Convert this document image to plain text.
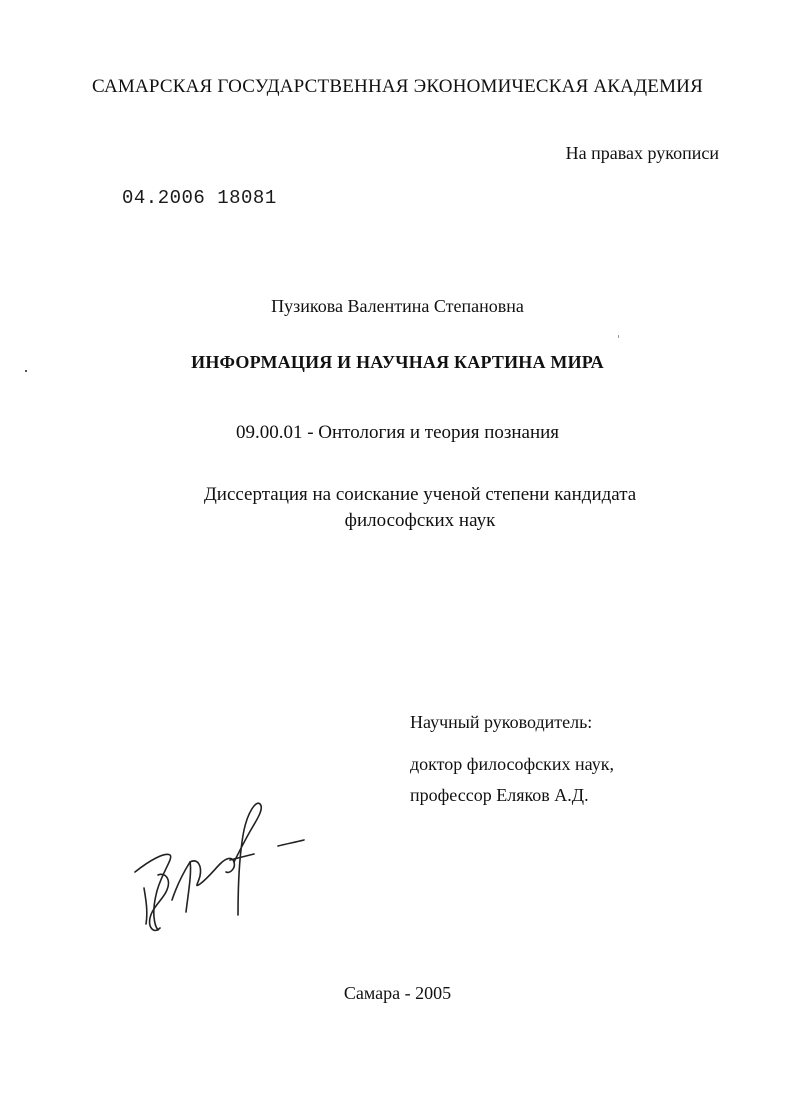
САМАРСКАЯ ГОСУДАРСТВЕННАЯ ЭКОНОМИЧЕСКАЯ АКАДЕМИЯ
На правах рукописи
04.2006 18081
Пузикова Валентина Степановна
ИНФОРМАЦИЯ И НАУЧНАЯ КАРТИНА МИРА
09.00.01 - Онтология и теория познания
Диссертация на соискание ученой степени кандидата
философских наук
Научный руководитель:
доктор философских наук,
профессор Еляков А.Д.
Самара - 2005
